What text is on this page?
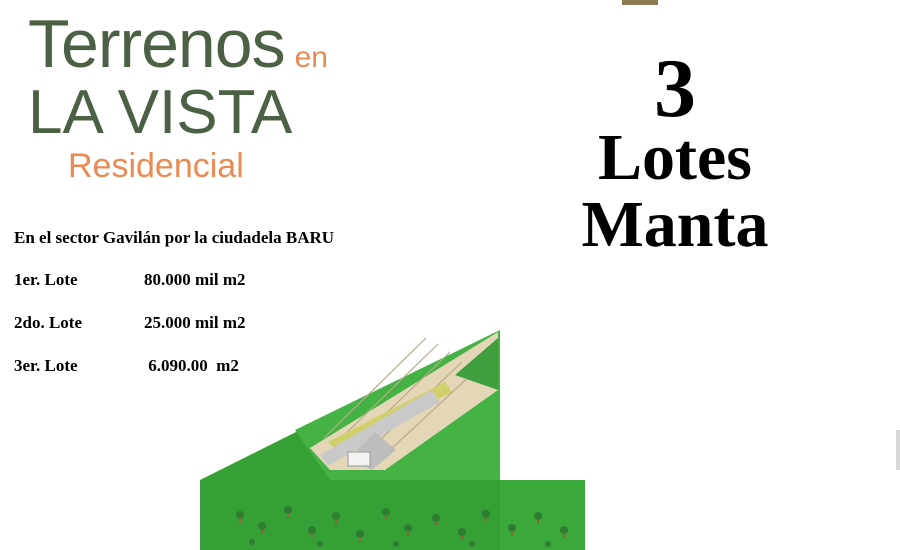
Terrenos en
LA VISTA
Residencial
En el sector Gavilán por la ciudadela BARU
1er. Lote	80.000 mil m2
2do. Lote	25.000 mil m2
3er. Lote	6.090.00  m2
3
Lotes
Manta
